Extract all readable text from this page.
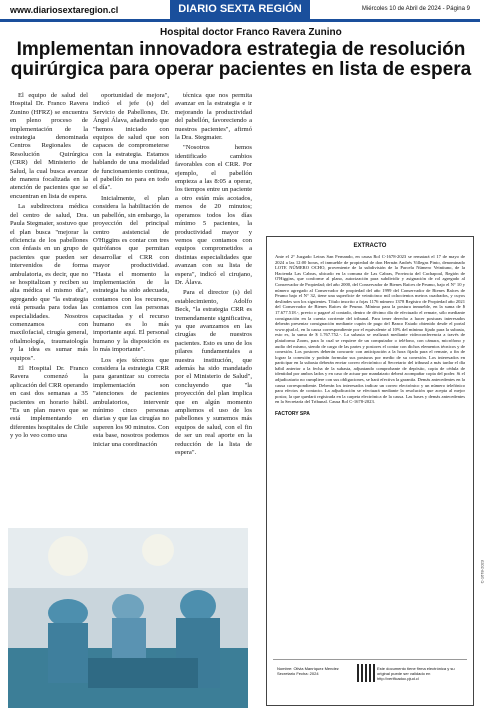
www.diariosextaregion.cl	DIARIO SEXTA REGIÓN	Miércoles 10 de Abril de 2024 - Página 9
Hospital doctor Franco Ravera Zunino
Implementan innovadora estrategia de resolución quirúrgica para operar pacientes en lista de espera

El equipo de salud del Hospital Dr. Franco Ravera Zunino (HFRZ) se encuentra en pleno proceso de implementación de la estrategia denominada Centros Regionales de Resolución Quirúrgica (CRR) del Ministerio de Salud, la cual busca avanzar de manera focalizada en la atención de pacientes que se encuentran en lista de espera.

La subdirectora médica del centro de salud, Dra. Paula Stegmaier, sostuvo que el plan busca "mejorar la eficiencia de los pabellones con énfasis en un grupo de pacientes que pueden ser intervenidos de forma ambulatoria, es decir, que no se hospitalizan y reciben su alta médica el mismo día", agregando que "la estrategia está pensada para todas las especialidades. Nosotros comenzamos con maxilofacial, cirugía general, oftalmología, traumatología y la idea es sumar más equipos".

El Hospital Dr. Franco Ravera comenzó la aplicación del CRR operando en casi dos semanas a 35 pacientes en horario hábil. "Es un plan nuevo que se está implementando en diferentes hospitales de Chile y yo lo veo como una

oportunidad de mejora", indicó el jefe (s) del Servicio de Pabellones, Dr. Ángel Álava, añadiendo que "hemos iniciado con equipos de salud que son capaces de comprometerse con la estrategia. Estamos hablando de una modalidad de funcionamiento continua, el pabellón no para en todo el día".

Inicialmente, el plan considera la habilitación de un pabellón, sin embargo, la proyección del principal centro asistencial de O'Higgins es contar con tres quirófanos que permitan desarrollar el CRR con mayor productividad. "Hasta el momento la implementación de la estrategia ha sido adecuada, contamos con los recursos, contamos con las personas capacitadas y el recurso humano es lo más importante aquí. El personal humano y la disposición es lo más importante".

Los ejes técnicos que considera la estrategia CRR para garantizar su correcta implementación son "atenciones de pacientes ambulatorios, intervenir mínimo cinco personas diarias y que las cirugías no superen los 90 minutos. Con esta base, nosotros podemos iniciar una coordinación

técnica que nos permita avanzar en la estrategia e ir mejorando la productividad del pabellón, favoreciendo a nuestros pacientes", afirmó la Dra. Stegmaier.

"Nosotros hemos identificado cambios favorables con el CRR. Por ejemplo, el pabellón empieza a las 8:05 a operar, los tiempos entre un paciente a otro están más acotados, menos de 20 minutos; operamos todos los días mínimo 5 pacientes, la productividad mayor y vemos que contamos con equipos comprometidos a distintas especialidades que avanzan con su lista de espera", indicó el cirujano, Dr. Álava.

Para el director (s) del establecimiento, Adolfo Beck, "la estrategia CRR es tremendamente significativa, ya que avanzamos en las cirugías de nuestros pacientes. Esto es uno de los pilares fundamentales a nuestra institución, que además ha sido mandatado por el Ministerio de Salud", concluyendo que "la proyección del plan implica que en algún momento ampliemos el uso de los pabellones y sumemos más equipos de salud, con el fin de ser un real aporte en la reducción de la lista de espera".

EXTRACTO
Ante el 2° Juzgado Letras San Fernando, en causa Rol C-1678-2023 se rematará el 17 de mayo de 2024 a las 12:00 horas, el inmueble de propiedad de don Hernán Andrés Villegas Pinto, denominado LOTE NÚMERO OCHO, proveniente de la subdivisión de la Parcela Número Veintiuno, de la Hacienda Las Cabras, ubicado en la comuna de Las Cabras, Provincia del Cachapoal, Región de O'Higgins, que conforme al plano, autorización para subdividir y asignación de rol agregado al Conservador de Propiedad; del año 2000, del Conservador de Bienes Raíces de Peumo, bajo el N° 10 y número agregado al Conservador de propiedad del año 1999 del Conservador de Bienes Raíces de Peumo bajo el N° 32, tiene una superficie de veinticinco mil ochocientos metros cuadrados, y cuyos deslindes son los siguientes. Título inscrito a fojas 1176 número 1378 Registro de Propiedad año 2021 del Conservador de Bienes Raíces de Peumo. Mínimo para la postura inmueble, en la suma de $ 17.677.518.-, previo o pagaré al contado, dentro de décimo día de efectuado el remate, sólo mediante consignación en la cuenta corriente del tribunal. Para tener derecho a hacer posturas interesados deberán presentar consignación mediante cupón de pago del Banco Estado obtenido desde el portal www.pjud.cl, en la causa correspondiente por el equivalente al 10% del mínimo fijado para la subasta, esto es, la suma de $ 1.767.752.-. La subasta se realizará mediante videoconferencia a través de plataforma Zoom, para lo cual se requiere de un computador o teléfono, con cámara, micrófono y audio del mismo, siendo de cargo de las partes y postores el contar con dichos elementos técnicos y de conexión. Los postores deberán concurrir con anticipación a la hora fijada para el remate, a fin de lograr la conexión y podrán formular sus posturas por medio de su conexión. Los interesados en participar en la subasta deberán enviar correo electrónico al Secretario del tribunal a más tardar el día hábil anterior a la fecha de la subasta, adjuntando comprobante de depósito, copia de cédula de identidad por ambos lados y en caso de actuar por mandatario deberá acompañar copia del poder. Si el adjudicatario no cumpliere con sus obligaciones, se hará efectiva la garantía. Demás antecedentes en la causa correspondiente. Deberán los interesados indicar un correo electrónico y un número telefónico para efectos de contacto. La adjudicación se efectuará mediante la resolución que acepta al mejor postor, la que quedará registrada en la carpeta electrónica de la causa. Las bases y demás antecedentes en la Secretaría del Tribunal. Causa Rol C-1678-2023.
FACTORY SPA
Nombre: Olivia Manríquez Mendez Secretario Fecha: 2024
Este documento tiene firma electrónica y su original puede ser validado en http://verificadoc.pjud.cl
C-1678-2023
